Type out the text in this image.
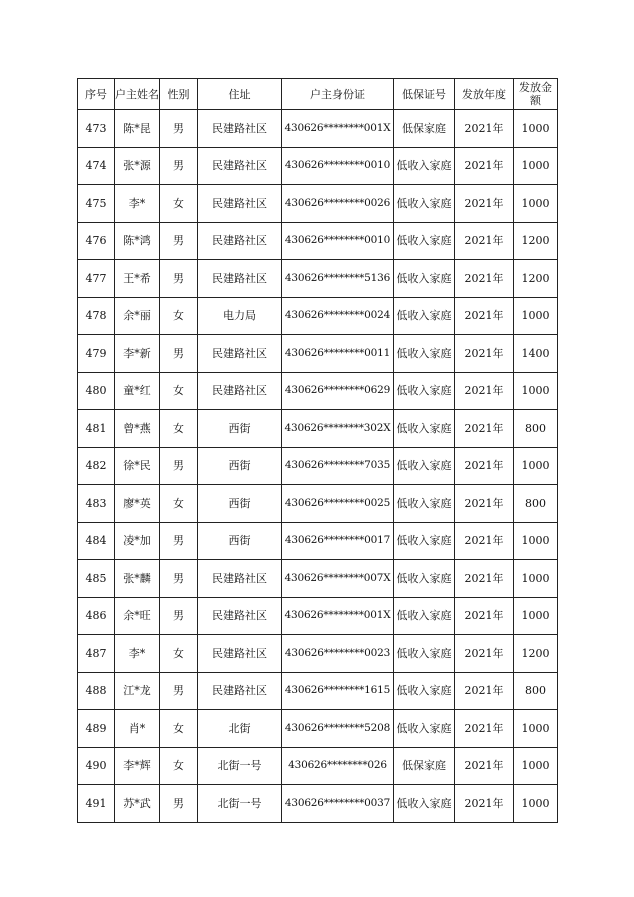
序号	户主姓名	性别	住址	户主身份证	低保证号	发放年度	发放金额
473	陈*昆	男	民建路社区	430626********001X	低保家庭	2021年	1000
474	张*源	男	民建路社区	430626********0010	低收入家庭	2021年	1000
475	李*	女	民建路社区	430626********0026	低收入家庭	2021年	1000
476	陈*鸿	男	民建路社区	430626********0010	低收入家庭	2021年	1200
477	王*希	男	民建路社区	430626********5136	低收入家庭	2021年	1200
478	余*丽	女	电力局	430626********0024	低收入家庭	2021年	1000
479	李*新	男	民建路社区	430626********0011	低收入家庭	2021年	1400
480	童*红	女	民建路社区	430626********0629	低收入家庭	2021年	1000
481	曾*燕	女	西街	430626********302X	低收入家庭	2021年	800
482	徐*民	男	西街	430626********7035	低收入家庭	2021年	1000
483	廖*英	女	西街	430626********0025	低收入家庭	2021年	800
484	凌*加	男	西街	430626********0017	低收入家庭	2021年	1000
485	张*麟	男	民建路社区	430626********007X	低收入家庭	2021年	1000
486	余*旺	男	民建路社区	430626********001X	低收入家庭	2021年	1000
487	李*	女	民建路社区	430626********0023	低收入家庭	2021年	1200
488	江*龙	男	民建路社区	430626********1615	低收入家庭	2021年	800
489	肖*	女	北街	430626********5208	低收入家庭	2021年	1000
490	李*辉	女	北街一号	430626********026	低保家庭	2021年	1000
491	苏*武	男	北街一号	430626********0037	低收入家庭	2021年	1000
